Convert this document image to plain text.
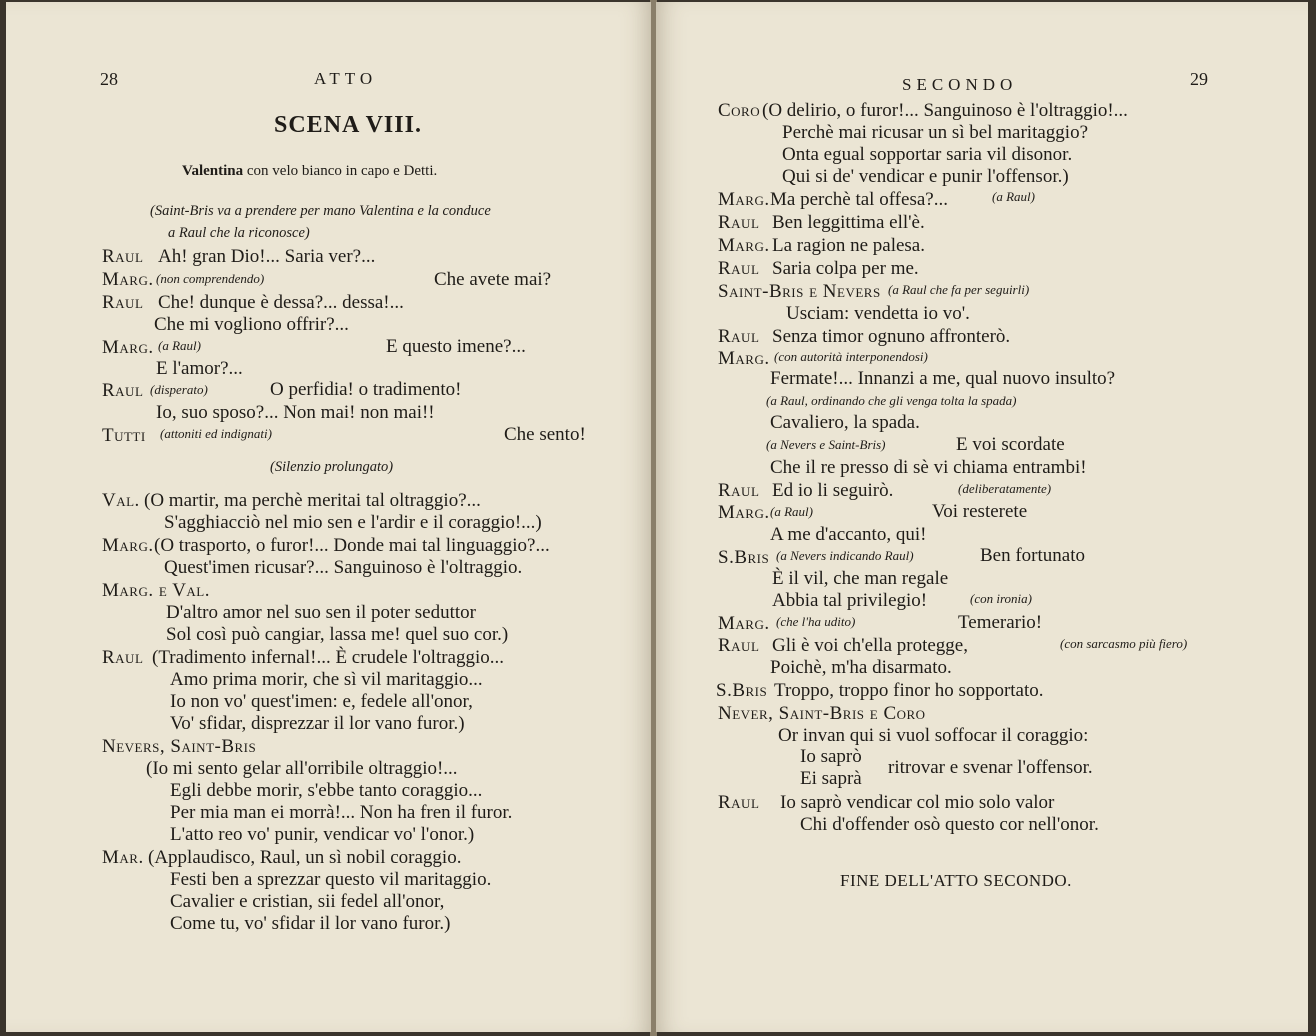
28	ATTO
SCENA VIII.
Valentina con velo bianco in capo e Detti.
(Saint-Bris va a prendere per mano Valentina e la conduce
a Raul che la riconosce)
Raul Ah! gran Dio!... Saria ver?...
Marg. (non comprendendo)	Che avete mai?
Raul Che! dunque è dessa?... dessa!...
Che mi vogliono offrir?...
Marg. (a Raul)	E questo imene?...
E l'amor?...
Raul (disperato)	O perfidia! o tradimento!
Io, suo sposo?... Non mai! non mai!!
Tutti (attoniti ed indignati)	Che sento!
(Silenzio prolungato)
Val. (O martir, ma perchè meritai tal oltraggio?...
S'agghiacciò nel mio sen e l'ardir e il coraggio!...)
Marg. (O trasporto, o furor!... Donde mai tal linguaggio?...
Quest'imen ricusar?... Sanguinoso è l'oltraggio.
Marg. e Val.
D'altro amor nel suo sen il poter seduttor
Sol così può cangiar, lassa me! quel suo cor.)
Raul (Tradimento infernal!... È crudele l'oltraggio...
Amo prima morir, che sì vil maritaggio...
Io non vo' quest'imen: e, fedele all'onor,
Vo' sfidar, disprezzar il lor vano furor.)
Nevers, Saint-Bris
(Io mi sento gelar all'orribile oltraggio!...
Egli debbe morir, s'ebbe tanto coraggio...
Per mia man ei morrà!... Non ha fren il furor.
L'atto reo vo' punir, vendicar vo' l'onor.)
Mar. (Applaudisco, Raul, un sì nobil coraggio.
Festi ben a sprezzar questo vil maritaggio.
Cavalier e cristian, sii fedel all'onor,
Come tu, vo' sfidar il lor vano furor.)
SECONDO	29
Coro (O delirio, o furor!... Sanguinoso è l'oltraggio!...
Perchè mai ricusar un sì bel maritaggio?
Onta egual sopportar saria vil disonor.
Qui si de' vendicar e punir l'offensor.)
Marg. Ma perchè tal offesa?...	(a Raul)
Raul Ben leggittima ell'è.
Marg. La ragion ne palesa.
Raul Saria colpa per me.
Saint-Bris e Nevers (a Raul che fa per seguirli)
Usciam: vendetta io vo'.
Raul Senza timor ognuno affronterò.
Marg. (con autorità interponendosi)
Fermate!... Innanzi a me, qual nuovo insulto?
(a Raul, ordinando che gli venga tolta la spada)
Cavaliero, la spada.
(a Nevers e Saint-Bris)	E voi scordate
Che il re presso di sè vi chiama entrambi!
Raul Ed io li seguirò.	(deliberatamente)
Marg. (a Raul)	Voi resterete
A me d'accanto, qui!
S.Bris (a Nevers indicando Raul)	Ben fortunato
È il vil, che man regale
Abbia tal privilegio!	(con ironia)
Marg. (che l'ha udito)	Temerario!
Raul Gli è voi ch'ella protegge,	(con sarcasmo più fiero)
Poichè, m'ha disarmato.
S.Bris Troppo, troppo finor ho sopportato.
Never, Saint-Bris e Coro
Or invan qui si vuol soffocar il coraggio:
Io saprò
Ei saprà
ritrovar e svenar l'offensor.
Raul Io saprò vendicar col mio solo valor
Chi d'offender osò questo cor nell'onor.
FINE DELL'ATTO SECONDO.
